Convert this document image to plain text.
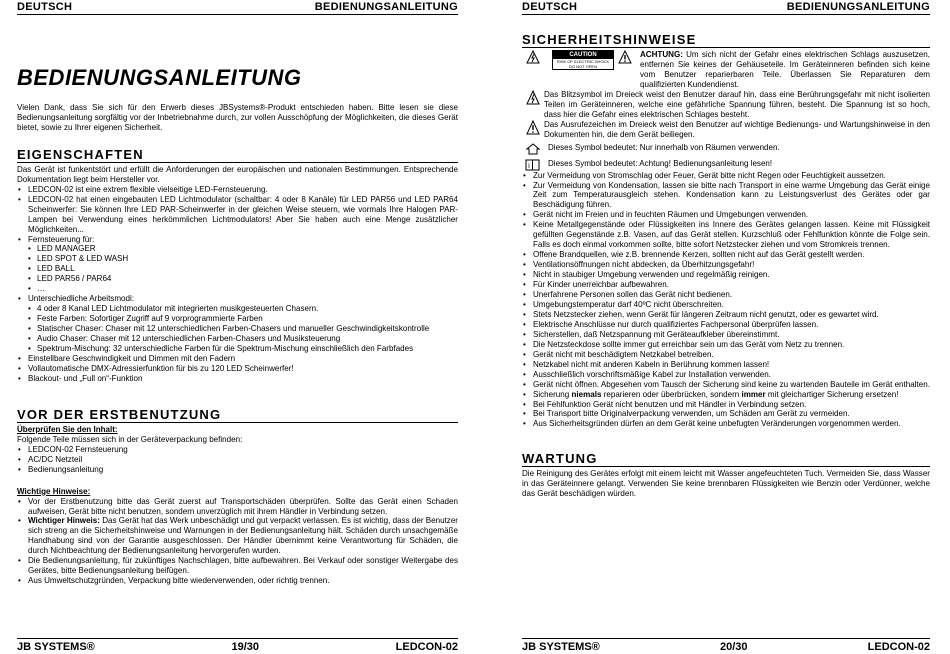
DEUTSCH	BEDIENUNGSANLEITUNG
BEDIENUNGSANLEITUNG

Vielen Dank, dass Sie sich für den Erwerb dieses JBSystems®-Produkt entschieden haben. Bitte lesen sie diese Bedienungsanleitung sorgfältig vor der Inbetriebnahme durch, zur vollen Ausschöpfung der Möglichkeiten, die dieses Gerät bietet, sowie zu Ihrer eigenen Sicherheit.

EIGENSCHAFTEN

Das Gerät ist funkentstört und erfüllt die Anforderungen der europäischen und nationalen Bestimmungen. Entsprechende Dokumentation liegt beim Hersteller vor.

• LEDCON-02 ist eine extrem flexible vielseitige LED-Fernsteuerung.
• LEDCON-02 hat einen eingebauten LED Lichtmodulator (schaltbar: 4 oder 8 Kanäle) für LED PAR56 und LED PAR64 Scheinwerfer: Sie können Ihre LED PAR-Scheinwerfer in der gleichen Weise steuern, wie vormals Ihre Halogen PAR-Lampen bei Verwendung eines herkömmlichen Lichtmodulators! Aber Sie haben auch eine Menge zusätzlicher Möglichkeiten...
• Fernsteuerung für:
• LED MANAGER
• LED SPOT & LED WASH
• LED BALL
• LED PAR56 / PAR64
• …
• Unterschiedliche Arbeitsmodi:
• 4 oder 8 Kanal LED Lichtmodulator mit integrierten musikgesteuerten Chasern.
• Feste Farben: Sofortiger Zugriff auf 9 vorprogrammierte Farben
• Statischer Chaser: Chaser mit 12 unterschiedlichen Farben-Chasers und manueller Geschwindigkeitskontrolle
• Audio Chaser: Chaser mit 12 unterschiedlichen Farben-Chasers und Musiksteuerung
• Spektrum-Mischung: 32 unterschiedliche Farben für die Spektrum-Mischung einschließlich den Farbfades
• Einstellbare Geschwindigkeit und Dimmen mit den Fadern
• Vollautomatische DMX-Adressierfunktion für bis zu 120 LED Scheinwerfer!
• Blackout- und „Full on“-Funktion
VOR DER ERSTBENUTZUNG
Überprüfen Sie den Inhalt:

Folgende Teile müssen sich in der Geräteverpackung befinden:

• LEDCON-02 Fernsteuerung
• AC/DC Netzteil
• Bedienungsanleitung
Wichtige Hinweise:
• Vor der Erstbenutzung bitte das Gerät zuerst auf Transportschäden überprüfen. Sollte das Gerät einen Schaden aufweisen, Gerät bitte nicht benutzen, sondern unverzüglich mit ihrem Händler in Verbindung setzen.
• Wichtiger Hinweis: Das Gerät hat das Werk unbeschädigt und gut verpackt verlassen. Es ist wichtig, dass der Benutzer sich streng an die Sicherheitshinweise und Warnungen in der Bedienungsanleitung hält. Schäden durch unsachgemäße Handhabung sind von der Garantie ausgeschlossen. Der Händler übernimmt keine Verantwortung für Schäden, die durch Nichtbeachtung der Bedienungsanleitung hervorgerufen wurden.
• Die Bedienungsanleitung, für zukünftiges Nachschlagen, bitte aufbewahren. Bei Verkauf oder sonstiger Weitergabe des Gerätes, bitte Bedienungsanleitung beifügen.
• Aus Umweltschutzgründen, Verpackung bitte wiederverwenden, oder richtig trennen.
JB SYSTEMS®	19/30	LEDCON-02
DEUTSCH	BEDIENUNGSANLEITUNG
SICHERHEITSHINWEISE
CAUTION
RISK OF ELECTRIC SHOCK
DO NOT OPEN

ACHTUNG: Um sich nicht der Gefahr eines elektrischen Schlags auszusetzen, entfernen Sie keines der Gehäuseteile. Im Geräteinneren befinden sich keine vom Benutzer reparierbaren Teile. Überlassen Sie Reparaturen dem qualifizierten Kundendienst.

Das Blitzsymbol im Dreieck weist den Benutzer darauf hin, dass eine Berührungsgefahr mit nicht isolierten Teilen im Geräteinneren, welche eine gefährliche Spannung führen, besteht. Die Spannung ist so hoch, dass hier die Gefahr eines elektrischen Schlages besteht.

Das Ausrufezeichen im Dreieck weist den Benutzer auf wichtige Bedienungs- und Wartungshinweise in den Dokumenten hin, die dem Gerät beiliegen.

Dieses Symbol bedeutet: Nur innerhalb von Räumen verwenden.

i Dieses Symbol bedeutet: Achtung! Bedienungsanleitung lesen!

• Zur Vermeidung von Stromschlag oder Feuer, Gerät bitte nicht Regen oder Feuchtigkeit aussetzen.
• Zur Vermeidung von Kondensation, lassen sie bitte nach Transport in eine warme Umgebung das Gerät einige Zeit zum Temperaturausgleich stehen. Kondensation kann zu Leistungsverlust des Gerätes oder gar Beschädigung führen.
• Gerät nicht im Freien und in feuchten Räumen und Umgebungen verwenden.
• Keine Metallgegenstände oder Flüssigkeiten ins Innere des Gerätes gelangen lassen. Keine mit Flüssigkeit gefüllten Gegenstände z.B. Vasen, auf das Gerät stellen. Kurzschluß oder Fehlfunktion könnte die Folge sein. Falls es doch einmal vorkommen sollte, bitte sofort Netzstecker ziehen und vom Stromkreis trennen.
• Offene Brandquellen, wie z.B. brennende Kerzen, sollten nicht auf das Gerät gestellt werden.
• Ventilationsöffnungen nicht abdecken, da Überhitzungsgefahr!
• Nicht in staubiger Umgebung verwenden und regelmäßig reinigen.
• Für Kinder unerreichbar aufbewahren.
• Unerfahrene Personen sollen das Gerät nicht bedienen.
• Umgebungstemperatur darf 40ºC nicht überschreiten.
• Stets Netzstecker ziehen, wenn Gerät für längeren Zeitraum nicht genutzt, oder es gewartet wird.
• Elektrische Anschlüsse nur durch qualifiziertes Fachpersonal überprüfen lassen.
• Sicherstellen, daß Netzspannung mit Geräteaufkleber übereinstimmt.
• Die Netzsteckdose sollte immer gut erreichbar sein um das Gerät vom Netz zu trennen.
• Gerät nicht mit beschädigtem Netzkabel betreiben.
• Netzkabel nicht mit anderen Kabeln in Berührung kommen lassen!
• Ausschließlich vorschriftsmäßige Kabel zur Installation verwenden.
• Gerät nicht öffnen. Abgesehen vom Tausch der Sicherung sind keine zu wartenden Bauteile im Gerät enthalten.
• Sicherung niemals reparieren oder überbrücken, sondern immer mit gleichartiger Sicherung ersetzen!
• Bei Fehlfunktion Gerät nicht benutzen und mit Händler in Verbindung setzen.
• Bei Transport bitte Originalverpackung verwenden, um Schäden am Gerät zu vermeiden.
• Aus Sicherheitsgründen dürfen an dem Gerät keine unbefugten Veränderungen vorgenommen werden.
WARTUNG

Die Reinigung des Gerätes erfolgt mit einem leicht mit Wasser angefeuchteten Tuch. Vermeiden Sie, dass Wasser in das Geräteinnere gelangt. Verwenden Sie keine brennbaren Flüssigkeiten wie Benzin oder Verdünner, welche das Gerät beschädigen würden.

JB SYSTEMS®	20/30	LEDCON-02
